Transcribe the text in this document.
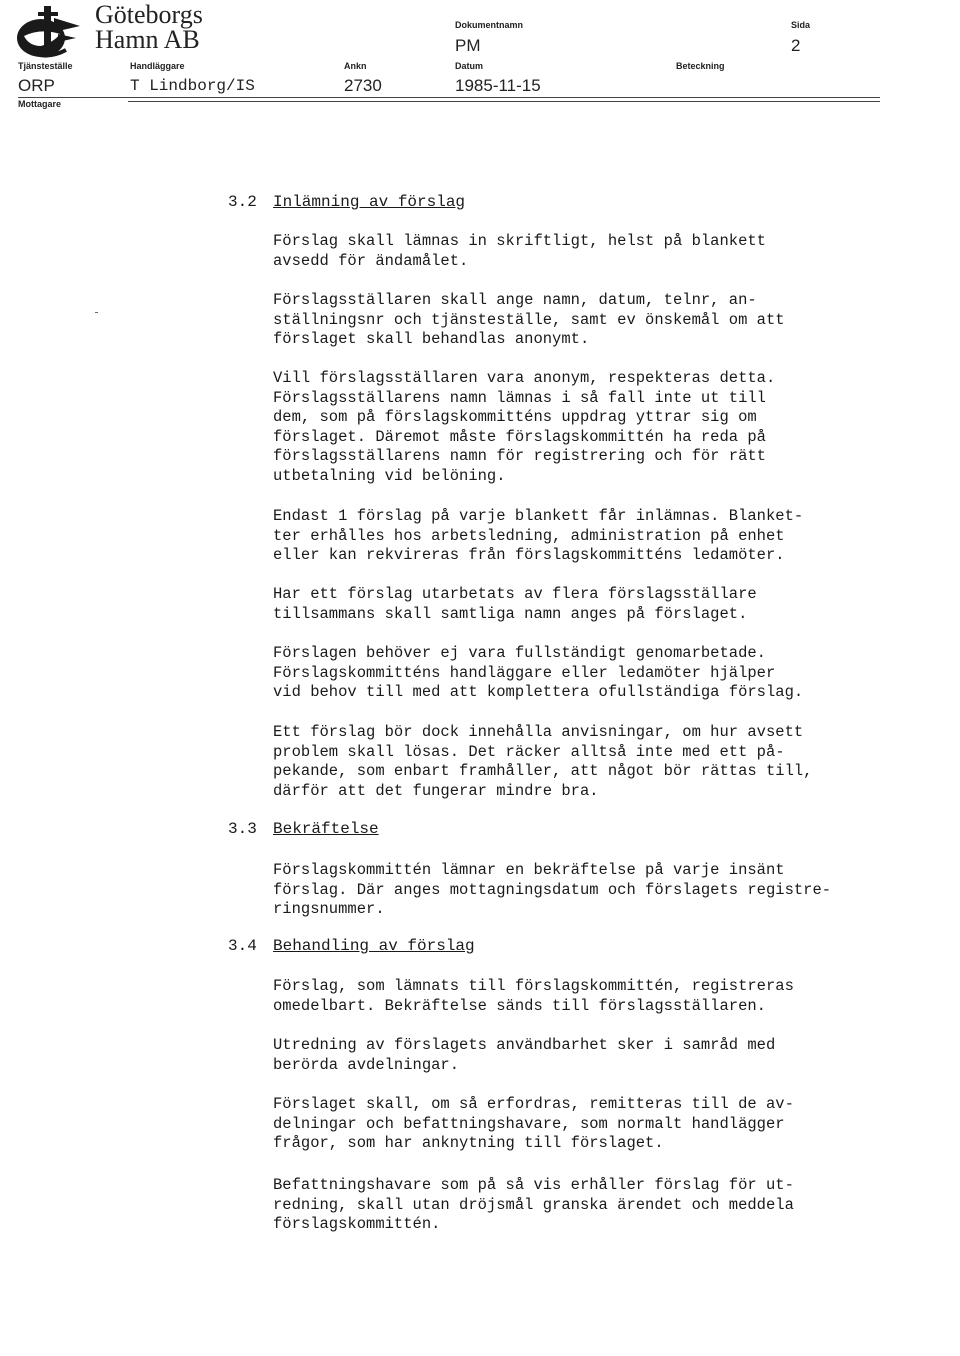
Göteborgs
Hamn AB	Dokumentnamn
PM
Sida
2
Tjänsteställe	Handläggare	Ankn	Datum	Beteckning
ORP	T Lindborg/IS	2730	1985-11-15
Mottagare
3.2 Inlämning av förslag
Förslag skall lämnas in skriftligt, helst på blankett
avsedd för ändamålet.
Förslagsställaren skall ange namn, datum, telnr, an-
ställningsnr och tjänsteställe, samt ev önskemål om att
förslaget skall behandlas anonymt.
Vill förslagsställaren vara anonym, respekteras detta.
Förslagsställarens namn lämnas i så fall inte ut till
dem, som på förslagskommitténs uppdrag yttrar sig om
förslaget. Däremot måste förslagskommittén ha reda på
förslagsställarens namn för registrering och för rätt
utbetalning vid belöning.
Endast 1 förslag på varje blankett får inlämnas. Blanket-
ter erhålles hos arbetsledning, administration på enhet
eller kan rekvireras från förslagskommitténs ledamöter.
Har ett förslag utarbetats av flera förslagsställare
tillsammans skall samtliga namn anges på förslaget.
Förslagen behöver ej vara fullständigt genomarbetade.
Förslagskommitténs handläggare eller ledamöter hjälper
vid behov till med att komplettera ofullständiga förslag.
Ett förslag bör dock innehålla anvisningar, om hur avsett
problem skall lösas. Det räcker alltså inte med ett på-
pekande, som enbart framhåller, att något bör rättas till,
därför att det fungerar mindre bra.
3.3 Bekräftelse
Förslagskommittén lämnar en bekräftelse på varje insänt
förslag. Där anges mottagningsdatum och förslagets registre-
ringsnummer.
3.4 Behandling av förslag
Förslag, som lämnats till förslagskommittén, registreras
omedelbart. Bekräftelse sänds till förslagsställaren.
Utredning av förslagets användbarhet sker i samråd med
berörda avdelningar.
Förslaget skall, om så erfordras, remitteras till de av-
delningar och befattningshavare, som normalt handlägger
frågor, som har anknytning till förslaget.
Befattningshavare som på så vis erhåller förslag för ut-
redning, skall utan dröjsmål granska ärendet och meddela
förslagskommittén.
